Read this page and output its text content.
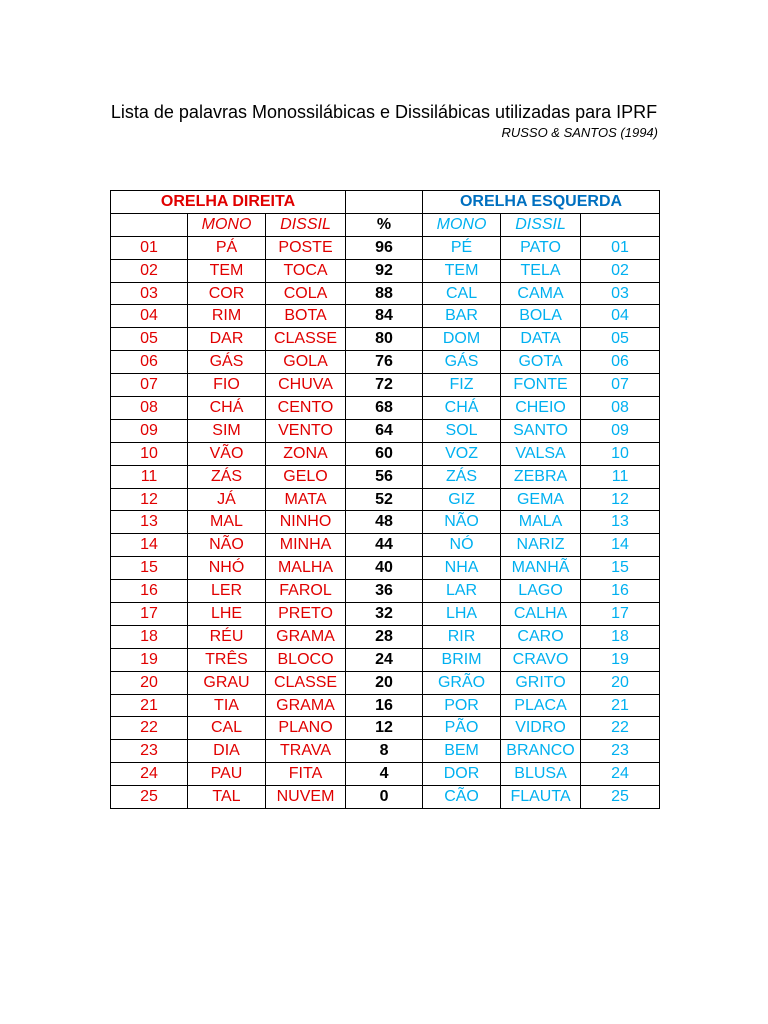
Lista de palavras Monossilábicas e Dissilábicas utilizadas para IPRF

RUSSO & SANTOS (1994)
ORELHA DIREITA				ORELHA ESQUERDA		
	MONO	DISSIL	%	MONO	DISSIL	
01	PÁ	POSTE	96	PÉ	PATO	01
02	TEM	TOCA	92	TEM	TELA	02
03	COR	COLA	88	CAL	CAMA	03
04	RIM	BOTA	84	BAR	BOLA	04
05	DAR	CLASSE	80	DOM	DATA	05
06	GÁS	GOLA	76	GÁS	GOTA	06
07	FIO	CHUVA	72	FIZ	FONTE	07
08	CHÁ	CENTO	68	CHÁ	CHEIO	08
09	SIM	VENTO	64	SOL	SANTO	09
10	VÃO	ZONA	60	VOZ	VALSA	10
11	ZÁS	GELO	56	ZÁS	ZEBRA	11
12	JÁ	MATA	52	GIZ	GEMA	12
13	MAL	NINHO	48	NÃO	MALA	13
14	NÃO	MINHA	44	NÓ	NARIZ	14
15	NHÓ	MALHA	40	NHA	MANHÃ	15
16	LER	FAROL	36	LAR	LAGO	16
17	LHE	PRETO	32	LHA	CALHA	17
18	RÉU	GRAMA	28	RIR	CARO	18
19	TRÊS	BLOCO	24	BRIM	CRAVO	19
20	GRAU	CLASSE	20	GRÃO	GRITO	20
21	TIA	GRAMA	16	POR	PLACA	21
22	CAL	PLANO	12	PÃO	VIDRO	22
23	DIA	TRAVA	8	BEM	BRANCO	23
24	PAU	FITA	4	DOR	BLUSA	24
25	TAL	NUVEM	0	CÃO	FLAUTA	25
